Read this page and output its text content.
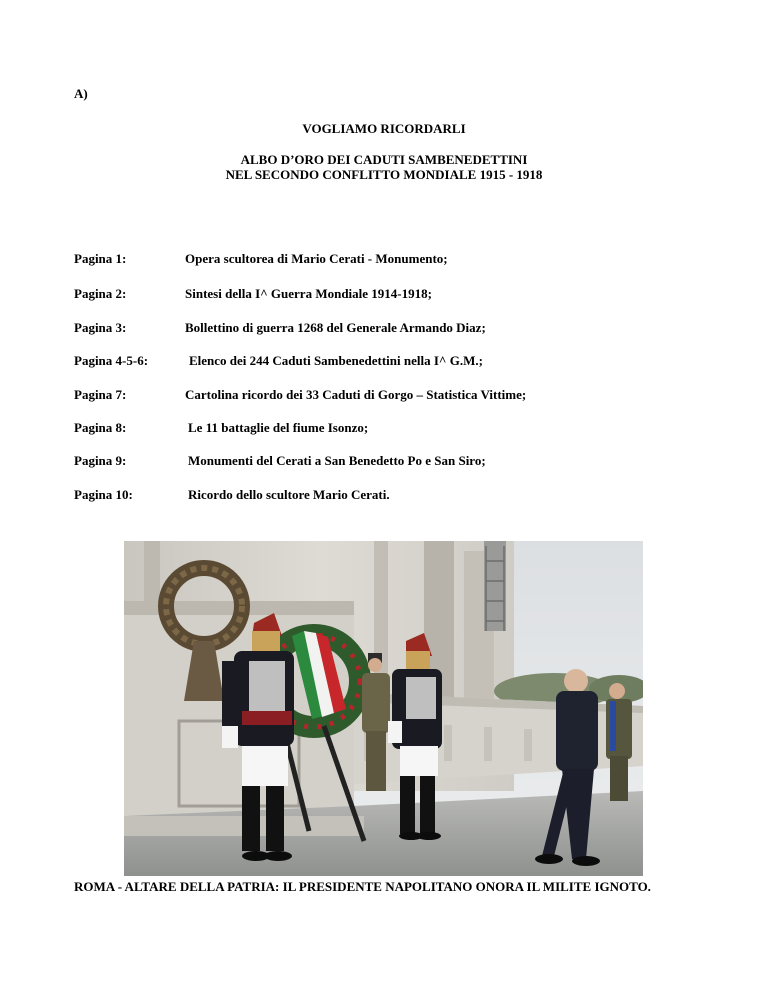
A)
VOGLIAMO RICORDARLI
ALBO D’ORO DEI CADUTI SAMBENEDETTINI
NEL SECONDO CONFLITTO MONDIALE 1915 - 1918
Pagina 1:	Opera scultorea di Mario Cerati - Monumento;
Pagina 2:	Sintesi della I^ Guerra Mondiale 1914-1918;
Pagina 3:	Bollettino di guerra 1268 del Generale Armando Diaz;
Pagina 4-5-6:	Elenco dei 244 Caduti Sambenedettini nella I^ G.M.;
Pagina 7:	Cartolina ricordo dei 33 Caduti di Gorgo – Statistica Vittime;
Pagina 8:	Le 11 battaglie del fiume Isonzo;
Pagina 9:	Monumenti del Cerati a San Benedetto Po e San Siro;
Pagina 10:	Ricordo dello scultore Mario Cerati.
ROMA - ALTARE DELLA PATRIA: IL PRESIDENTE NAPOLITANO ONORA IL MILITE IGNOTO.
